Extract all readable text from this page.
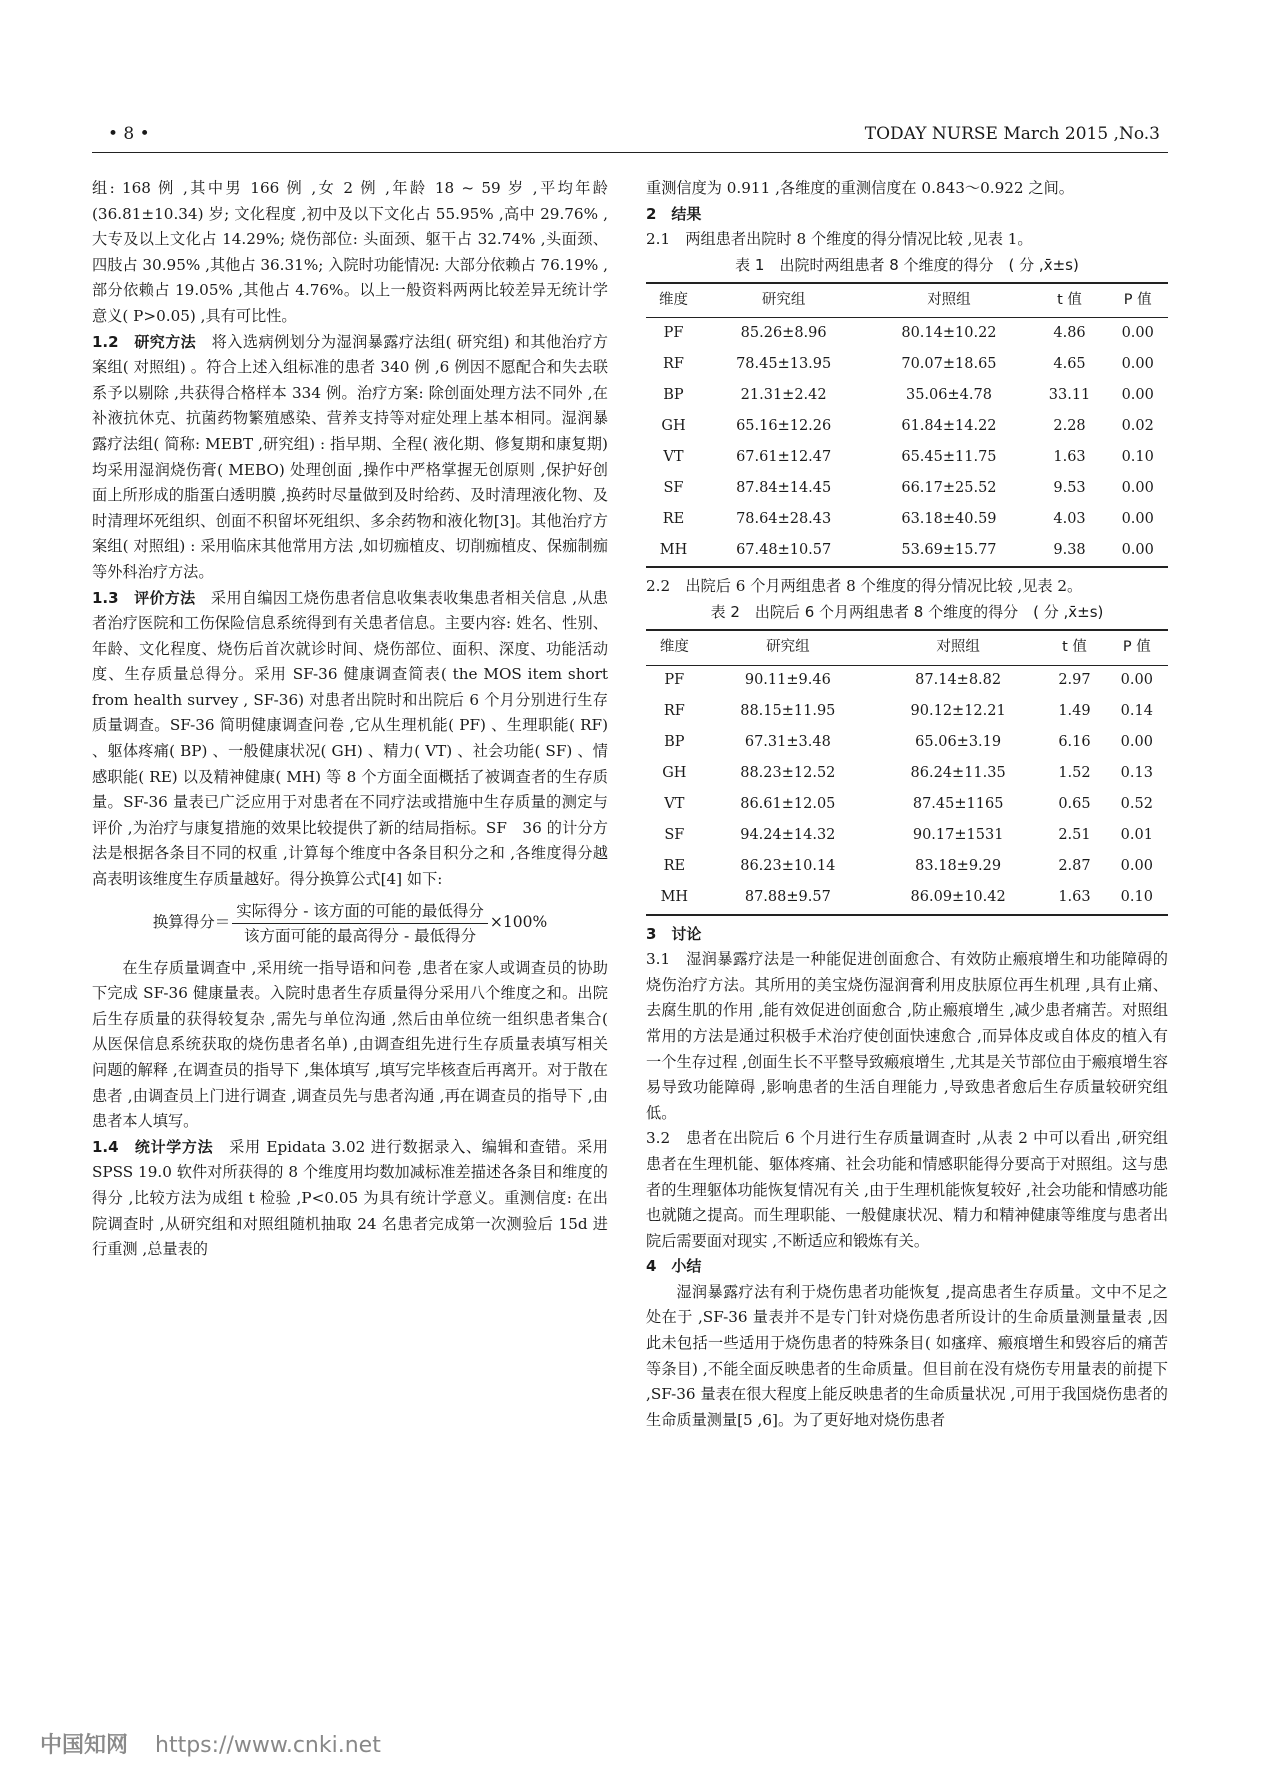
• 8 •	TODAY NURSE March 2015 ,No.3

组: 168 例 ,其中男 166 例 ,女 2 例 ,年龄 18 ~ 59 岁 ,平均年龄(36.81±10.34) 岁; 文化程度 ,初中及以下文化占 55.95% ,高中 29.76% ,大专及以上文化占 14.29%; 烧伤部位: 头面颈、躯干占 32.74% ,头面颈、四肢占 30.95% ,其他占 36.31%; 入院时功能情况: 大部分依赖占 76.19% ,部分依赖占 19.05% ,其他占 4.76%。以上一般资料两两比较差异无统计学意义( P>0.05) ,具有可比性。

1.2　研究方法　将入选病例划分为湿润暴露疗法组( 研究组) 和其他治疗方案组( 对照组) 。符合上述入组标准的患者 340 例 ,6 例因不愿配合和失去联系予以剔除 ,共获得合格样本 334 例。治疗方案: 除创面处理方法不同外 ,在补液抗休克、抗菌药物繁殖感染、营养支持等对症处理上基本相同。湿润暴露疗法组( 简称: MEBT ,研究组) : 指早期、全程( 液化期、修复期和康复期) 均采用湿润烧伤膏( MEBO) 处理创面 ,操作中严格掌握无创原则 ,保护好创面上所形成的脂蛋白透明膜 ,换药时尽量做到及时给药、及时清理液化物、及时清理坏死组织、创面不积留坏死组织、多余药物和液化物[3]。其他治疗方案组( 对照组) : 采用临床其他常用方法 ,如切痂植皮、切削痂植皮、保痂制痂等外科治疗方法。

1.3　评价方法　采用自编因工烧伤患者信息收集表收集患者相关信息 ,从患者治疗医院和工伤保险信息系统得到有关患者信息。主要内容: 姓名、性别、年龄、文化程度、烧伤后首次就诊时间、烧伤部位、面积、深度、功能活动度、生存质量总得分。采用 SF-36 健康调查简表( the MOS item short from health survey , SF-36) 对患者出院时和出院后 6 个月分别进行生存质量调查。SF-36 简明健康调查问卷 ,它从生理机能( PF) 、生理职能( RF) 、躯体疼痛( BP) 、一般健康状况( GH) 、精力( VT) 、社会功能( SF) 、情感职能( RE) 以及精神健康( MH) 等 8 个方面全面概括了被调查者的生存质量。SF-36 量表已广泛应用于对患者在不同疗法或措施中生存质量的测定与评价 ,为治疗与康复措施的效果比较提供了新的结局指标。SF　36 的计分方法是根据各条目不同的权重 ,计算每个维度中各条目积分之和 ,各维度得分越高表明该维度生存质量越好。得分换算公式[4] 如下:

换算得分＝ $\frac{\text{实际得分 - 该方面的可能的最低得分}}{\text{该方面可能的最高得分 - 最低得分}} \times 100\%$

在生存质量调查中 ,采用统一指导语和问卷 ,患者在家人或调查员的协助下完成 SF-36 健康量表。入院时患者生存质量得分采用八个维度之和。出院后生存质量的获得较复杂 ,需先与单位沟通 ,然后由单位统一组织患者集合( 从医保信息系统获取的烧伤患者名单) ,由调查组先进行生存质量表填写相关问题的解释 ,在调查员的指导下 ,集体填写 ,填写完毕核查后再离开。对于散在患者 ,由调查员上门进行调查 ,调查员先与患者沟通 ,再在调查员的指导下 ,由患者本人填写。

1.4　统计学方法　采用 Epidata 3.02 进行数据录入、编辑和查错。采用 SPSS 19.0 软件对所获得的 8 个维度用均数加减标准差描述各条目和维度的得分 ,比较方法为成组 t 检验 ,P<0.05 为具有统计学意义。重测信度: 在出院调查时 ,从研究组和对照组随机抽取 24 名患者完成第一次测验后 15d 进行重测 ,总量表的

重测信度为 0.911 ,各维度的重测信度在 0.843～0.922 之间。

2　结果

2.1　两组患者出院时 8 个维度的得分情况比较 ,见表 1。

表 1　出院时两组患者 8 个维度的得分　( 分 ,x̄±s)

维度	研究组	对照组	t 值	P 值
PF	85.26±8.96	80.14±10.22	4.86	0.00
RF	78.45±13.95	70.07±18.65	4.65	0.00
BP	21.31±2.42	35.06±4.78	33.11	0.00
GH	65.16±12.26	61.84±14.22	2.28	0.02
VT	67.61±12.47	65.45±11.75	1.63	0.10
SF	87.84±14.45	66.17±25.52	9.53	0.00
RE	78.64±28.43	63.18±40.59	4.03	0.00
MH	67.48±10.57	53.69±15.77	9.38	0.00

2.2　出院后 6 个月两组患者 8 个维度的得分情况比较 ,见表 2。

表 2　出院后 6 个月两组患者 8 个维度的得分　( 分 ,x̄±s)

维度	研究组	对照组	t 值	P 值
PF	90.11±9.46	87.14±8.82	2.97	0.00
RF	88.15±11.95	90.12±12.21	1.49	0.14
BP	67.31±3.48	65.06±3.19	6.16	0.00
GH	88.23±12.52	86.24±11.35	1.52	0.13
VT	86.61±12.05	87.45±1165	0.65	0.52
SF	94.24±14.32	90.17±1531	2.51	0.01
RE	86.23±10.14	83.18±9.29	2.87	0.00
MH	87.88±9.57	86.09±10.42	1.63	0.10

3　讨论

3.1　湿润暴露疗法是一种能促进创面愈合、有效防止瘢痕增生和功能障碍的烧伤治疗方法。其所用的美宝烧伤湿润膏利用皮肤原位再生机理 ,具有止痛、去腐生肌的作用 ,能有效促进创面愈合 ,防止瘢痕增生 ,减少患者痛苦。对照组常用的方法是通过积极手术治疗使创面快速愈合 ,而异体皮或自体皮的植入有一个生存过程 ,创面生长不平整导致瘢痕增生 ,尤其是关节部位由于瘢痕增生容易导致功能障碍 ,影响患者的生活自理能力 ,导致患者愈后生存质量较研究组低。

3.2　患者在出院后 6 个月进行生存质量调查时 ,从表 2 中可以看出 ,研究组患者在生理机能、躯体疼痛、社会功能和情感职能得分要高于对照组。这与患者的生理躯体功能恢复情况有关 ,由于生理机能恢复较好 ,社会功能和情感功能也就随之提高。而生理职能、一般健康状况、精力和精神健康等维度与患者出院后需要面对现实 ,不断适应和锻炼有关。

4　小结

湿润暴露疗法有利于烧伤患者功能恢复 ,提高患者生存质量。文中不足之处在于 ,SF-36 量表并不是专门针对烧伤患者所设计的生命质量测量量表 ,因此未包括一些适用于烧伤患者的特殊条目( 如瘙痒、瘢痕增生和毁容后的痛苦等条目) ,不能全面反映患者的生命质量。但目前在没有烧伤专用量表的前提下 ,SF-36 量表在很大程度上能反映患者的生命质量状况 ,可用于我国烧伤患者的生命质量测量[5 ,6]。为了更好地对烧伤患者

中国知网 https://www.cnki.net
